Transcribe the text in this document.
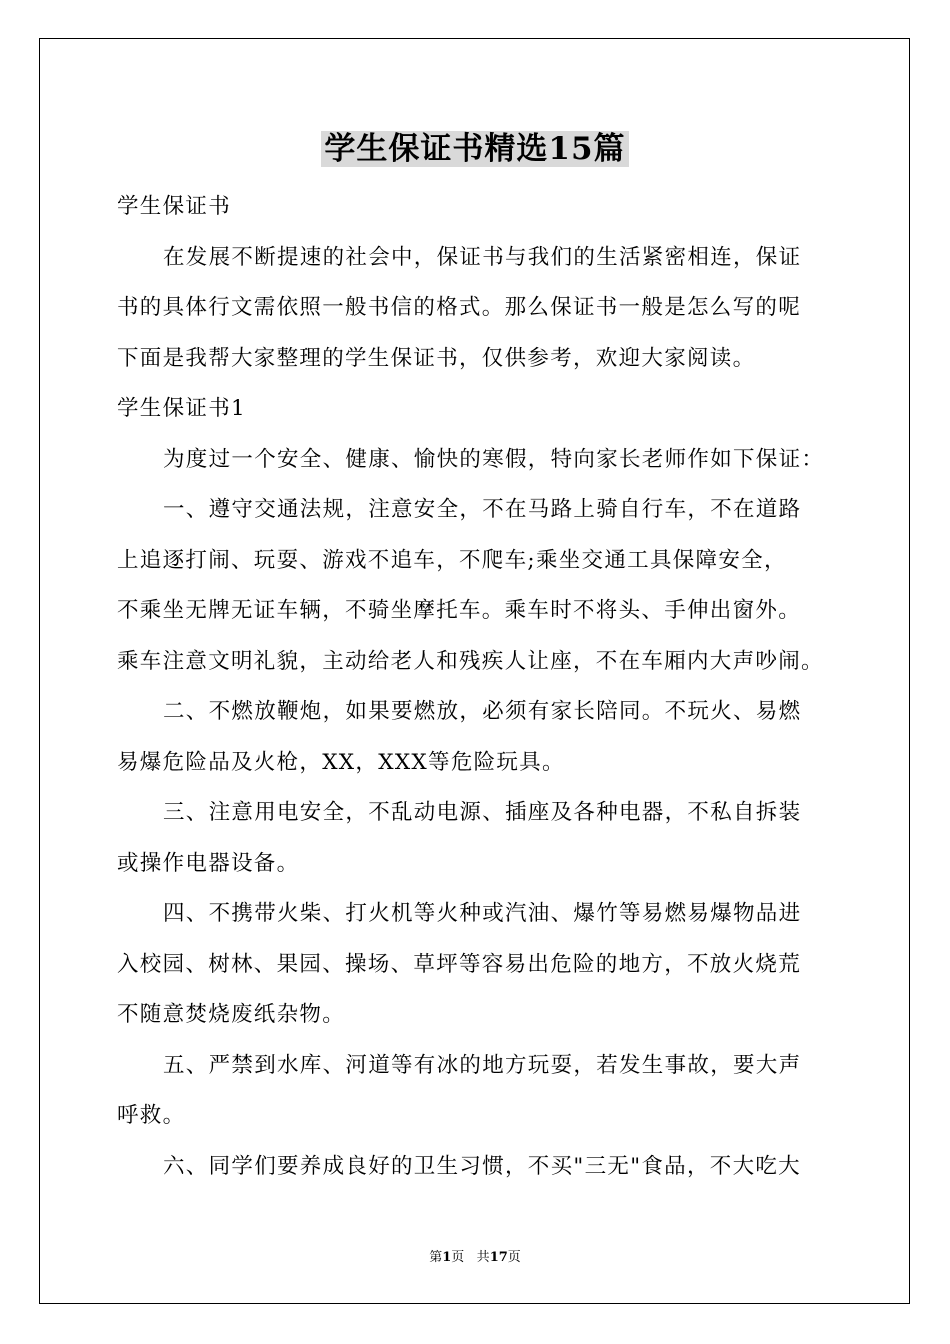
学生保证书精选15篇

学生保证书

在发展不断提速的社会中，保证书与我们的生活紧密相连，保证

书的具体行文需依照一般书信的格式。那么保证书一般是怎么写的呢

下面是我帮大家整理的学生保证书，仅供参考，欢迎大家阅读。

学生保证书1

为度过一个安全、健康、愉快的寒假，特向家长老师作如下保证：

一、遵守交通法规，注意安全，不在马路上骑自行车，不在道路

上追逐打闹、玩耍、游戏不追车，不爬车;乘坐交通工具保障安全，

不乘坐无牌无证车辆，不骑坐摩托车。乘车时不将头、手伸出窗外。

乘车注意文明礼貌，主动给老人和残疾人让座，不在车厢内大声吵闹。

二、不燃放鞭炮，如果要燃放，必须有家长陪同。不玩火、易燃

易爆危险品及火枪，XX，XXX等危险玩具。

三、注意用电安全，不乱动电源、插座及各种电器，不私自拆装

或操作电器设备。

四、不携带火柴、打火机等火种或汽油、爆竹等易燃易爆物品进

入校园、树林、果园、操场、草坪等容易出危险的地方，不放火烧荒

不随意焚烧废纸杂物。

五、严禁到水库、河道等有冰的地方玩耍，若发生事故，要大声

呼救。

六、同学们要养成良好的卫生习惯，不买"三无"食品，不大吃大

第1页 共17页
